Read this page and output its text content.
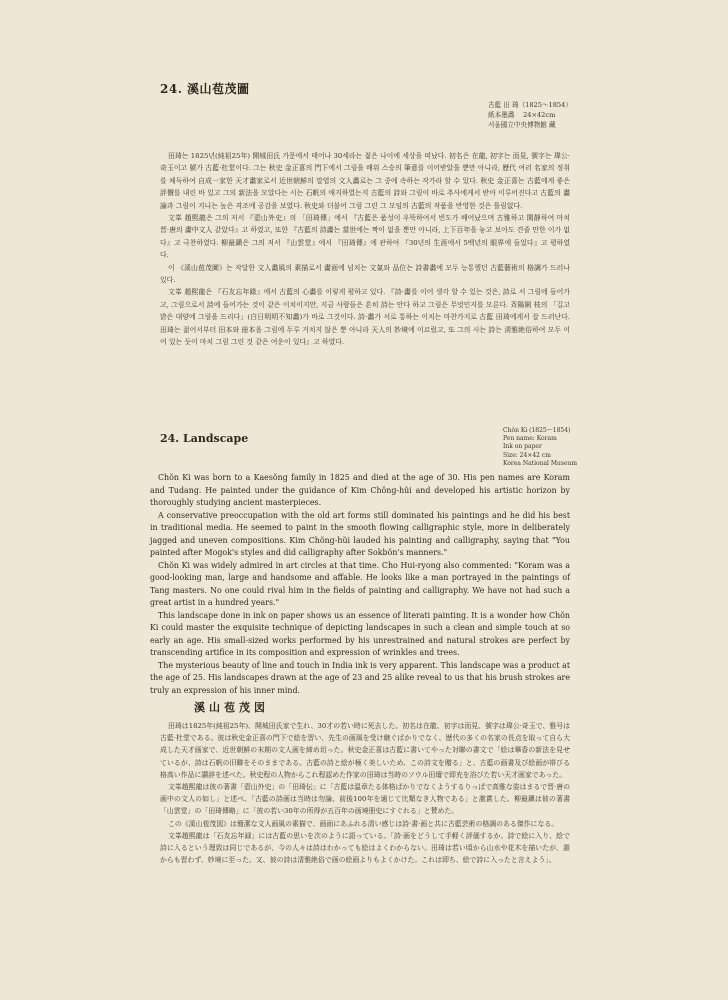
24. 溪山苞茂圖
古藍 田 琦（1825～1854）
紙本墨畵 　24×42cm
서울國立中央博物館 藏

田琦는 1825년(純祖25年) 開城田氏 가문에서 태어나 30세라는 젊은 나이에 세상을 떠났다. 初名은 在龍, 初字는 而見, 號字는 瑋公·奇玉이고 號가 古藍·杜堂이다. 그는 秋史 金正喜의 門下에서 그림을 배워 스승의 筆意를 이어받았을 뿐만 아니라, 歷代 여러 名家의 정취를 체득하여 自成一家한 天才畵家로서 近世朝鮮의 말엽의 文人畵로는 그 중에 속하는 작가라 할 수 있다. 秋史 金正喜는 古藍에게 좋은 評價를 내린 바 있고 그의 新法을 모았다는 시는 石帆의 애지하였는지 古藍의 詩와 그림이 바로 추사에게서 받아 이루어진다고 古藍의 畵論과 그림이 지니는 높은 격조에 공감을 보였다. 秋史와 더불어 그림 그린 그 모임의 古藍의 작품을 반영한 것은 틀림없다.

文峯 趙熙龍은 그의 저서 『壺山外史』의 「田琦傳」에서 『古藍은 품성이 우뚝하여서 빈도가 배어났으며 古雅하고 閑靜하여 마치 晋·唐의 畵中文人 같았다』고 하였고, 또한 『古藍의 詩畵는 當世에는 짝이 없을 뿐만 아니라, 上下百年을 놓고 보아도 견줄 만한 이가 없다』고 극찬하였다. 柳最鎭은 그의 저서 『山雲堂』에서 『田琦傳』에 관하여 『30년의 生涯에서 5백년의 眼界에 들었다』고 평하였다.

이 《溪山苞茂圖》는 작달한 文人畵風의 素描로서 畵面에 넘치는 文氣와 品位는 詩書畵에 모두 능통했던 古藍藝術의 格調가 드러나 있다.

文峯 趙熙龍은 『石友忘年錄』에서 古藍의 心畵를 이렇게 평하고 있다. 『詩·畵를 이어 생각 할 수 있는 것은, 詩로 서 그림에 들어가고, 그림으로서 詩에 들어가는 것이 같은 이치이지만, 지금 사람들은 흔히 詩는 안다 하고 그림은 무엇인지를 모른다. 斉陽園 枝의 「길고 밝은 대양에 그림을 드리다」(白日明明不知畵)가 바로 그것이다. 詩·畵가 서로 통하는 이치는 마찬가지로 古藍 田琦에게서 잘 드러난다. 田琦는 젊어서부터 田本와 冊本을 그림에 두루 거치지 않은 뿐 아니라 天人의 妙境에 이르렀고, 또 그의 시는 詩는 淸雅絶俗하여 모두 이어 있는 듯이 마치 그림 그린 것 같은 여운이 있다』고 하였다.

24. Landscape
Chŏn Ki (1825～1854)
Pen name: Koram
Ink on paper
Size: 24×42 cm
Korea National Museum

Chŏn Ki was born to a Kaesŏng family in 1825 and died at the age of 30. His pen names are Koram and Tudang. He painted under the guidance of Kim Chŏng-hŭi and developed his artistic horizon by thoroughly studying ancient masterpieces.

A conservative preoccupation with the old art forms still dominated his paintings and he did his best in traditional media. He seemed to paint in the smooth flowing calligraphic style, more in deliberately jagged and uneven compositions. Kim Chŏng-hŭi lauded his painting and calligraphy, saying that "You painted after Mogok's styles and did calligraphy after Sokbŏn's manners."

Chŏn Ki was widely admired in art circles at that time. Cho Hui-ryong also commented: "Koram was a good-looking man, large and handsome and affable. He looks like a man portrayed in the paintings of Tang masters. No one could rival him in the fields of painting and calligraphy. We have not had such a great artist in a hundred years."

This landscape done in ink on paper shows us an essence of literati painting. It is a wonder how Chŏn Ki could master the exquisite technique of depicting landscapes in such a clean and simple touch at so early an age. His small-sized works performed by his unrestrained and natural strokes are perfect by transcending artifice in its composition and expression of wrinkles and trees.

The mysterious beauty of line and touch in India ink is very apparent. This landscape was a product at the age of 25. His landscapes drawn at the age of 23 and 25 alike reveal to us that his brush strokes are truly an expression of his inner mind.

溪山苞茂図

田琦は1825年(純祖25年)、開城田氏家で生れ、30才の若い時に死去した。初名は在龍、初字は而見、號字は瑋公·奇玉で、雅号は古藍·杜堂である。彼は秋史金正喜の門下で絵を習い、先生の画風を受け継ぐばかりでなく、歴代の多くの名家の長点を取って自ら大成した天才画家で、近世朝鮮の末期の文人画を締め切った。秋史金正喜は古藍に書いてやった対聯の書文で「絵は畢香の新法を見せているが、詩は石帆の旧聯をそのままである。古藍の詩と絵が極く美しいため、この詩文を贈る」と、古藍の画書及び絵画が帯びる格高い作品に讃辞を述べた。秋史程の人物からこれ程認めた作家の田琦は当時のソウル田壇で即充を浴びた若い天才画家であった。

文峯趙熙龍は彼の著書「壺山外史」の「田琦伝」に「古藍は温章たる体格ばかりでなくようするりっぱで高雅な姿はまるで晋·唐の画中の文人の如し」と述べ、「古藍の詩画は当時は勿論、前後100年を通じて比類なき人物である」と激賞した。柳最鎭は彼の著書「山雲堂」の「田琦傳略」に「彼の若い30年の所得が五百年の画境册史にすぐれる」と賛めた。

この《溪山苞茂図》は簡潔な文人画風の素描で、画面にあふれる清い感じは詩·書·画と共に古藍芸術の格調のある傑作になる。

文峯趙熙龍は「石友忘年録」には古藍の思いを次のように語っている。「詩·画をどうして手軽く評価するか。詩で絵に入り、絵で詩に入るという理致は同じであるが、今の人々は詩はわかっても絵はよくわからない。田琦は若い頃から山水や花木を描いたが、誰からも習わず、妙境に至った。又、彼の詩は清雅絶俗で画の絵画よりもよくかけた。これは即ち、絵で詩に入ったと言えよう」。
